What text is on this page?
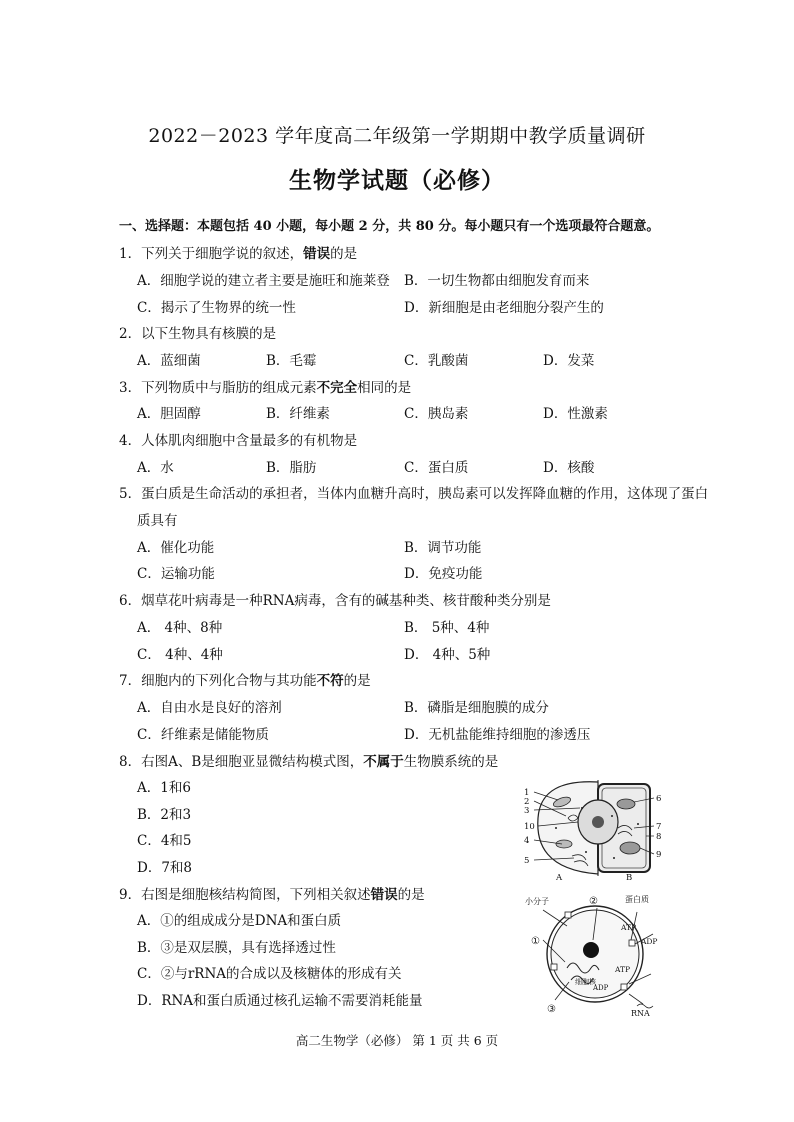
2022－2023 学年度高二年级第一学期期中教学质量调研
生物学试题（必修）
一、选择题：本题包括 40 小题，每小题 2 分，共 80 分。每小题只有一个选项最符合题意。
1．下列关于细胞学说的叙述，错误的是
A．细胞学说的建立者主要是施旺和施莱登 B．一切生物都由细胞发育而来
C．揭示了生物界的统一性	D．新细胞是由老细胞分裂产生的
2．以下生物具有核膜的是
A．蓝细菌	B．毛霉	C．乳酸菌	D．发菜
3．下列物质中与脂肪的组成元素不完全相同的是
A．胆固醇	B．纤维素	C．胰岛素	D．性激素
4．人体肌肉细胞中含量最多的有机物是
A．水	B．脂肪	C．蛋白质	D．核酸
5．蛋白质是生命活动的承担者，当体内血糖升高时，胰岛素可以发挥降血糖的作用，这体现了蛋白
质具有
A．催化功能	B．调节功能
C．运输功能	D．免疫功能
6．烟草花叶病毒是一种RNA病毒，含有的碱基种类、核苷酸种类分别是
A． 4种、8种	B． 5种、4种
C． 4种、4种	D． 4种、5种
7．细胞内的下列化合物与其功能不符的是
A．自由水是良好的溶剂	B．磷脂是细胞膜的成分
C．纤维素是储能物质	D．无机盐能维持细胞的渗透压
8．右图A、B是细胞亚显微结构模式图，不属于生物膜系统的是
A．1和6
B．2和3
C．4和5
D．7和8
9．右图是细胞核结构简图，下列相关叙述错误的是
A．①的组成成分是DNA和蛋白质
B．③是双层膜，具有选择透过性
C．②与rRNA的合成以及核糖体的形成有关
D．RNA和蛋白质通过核孔运输不需要消耗能量
1
2
3
10
4
5
6
7
8
9
A	B
小分子	蛋白质
ATP
ADP
ATP
ADP
RNA
细胞核
①
②
③
高二生物学（必修） 第 1 页 共 6 页
